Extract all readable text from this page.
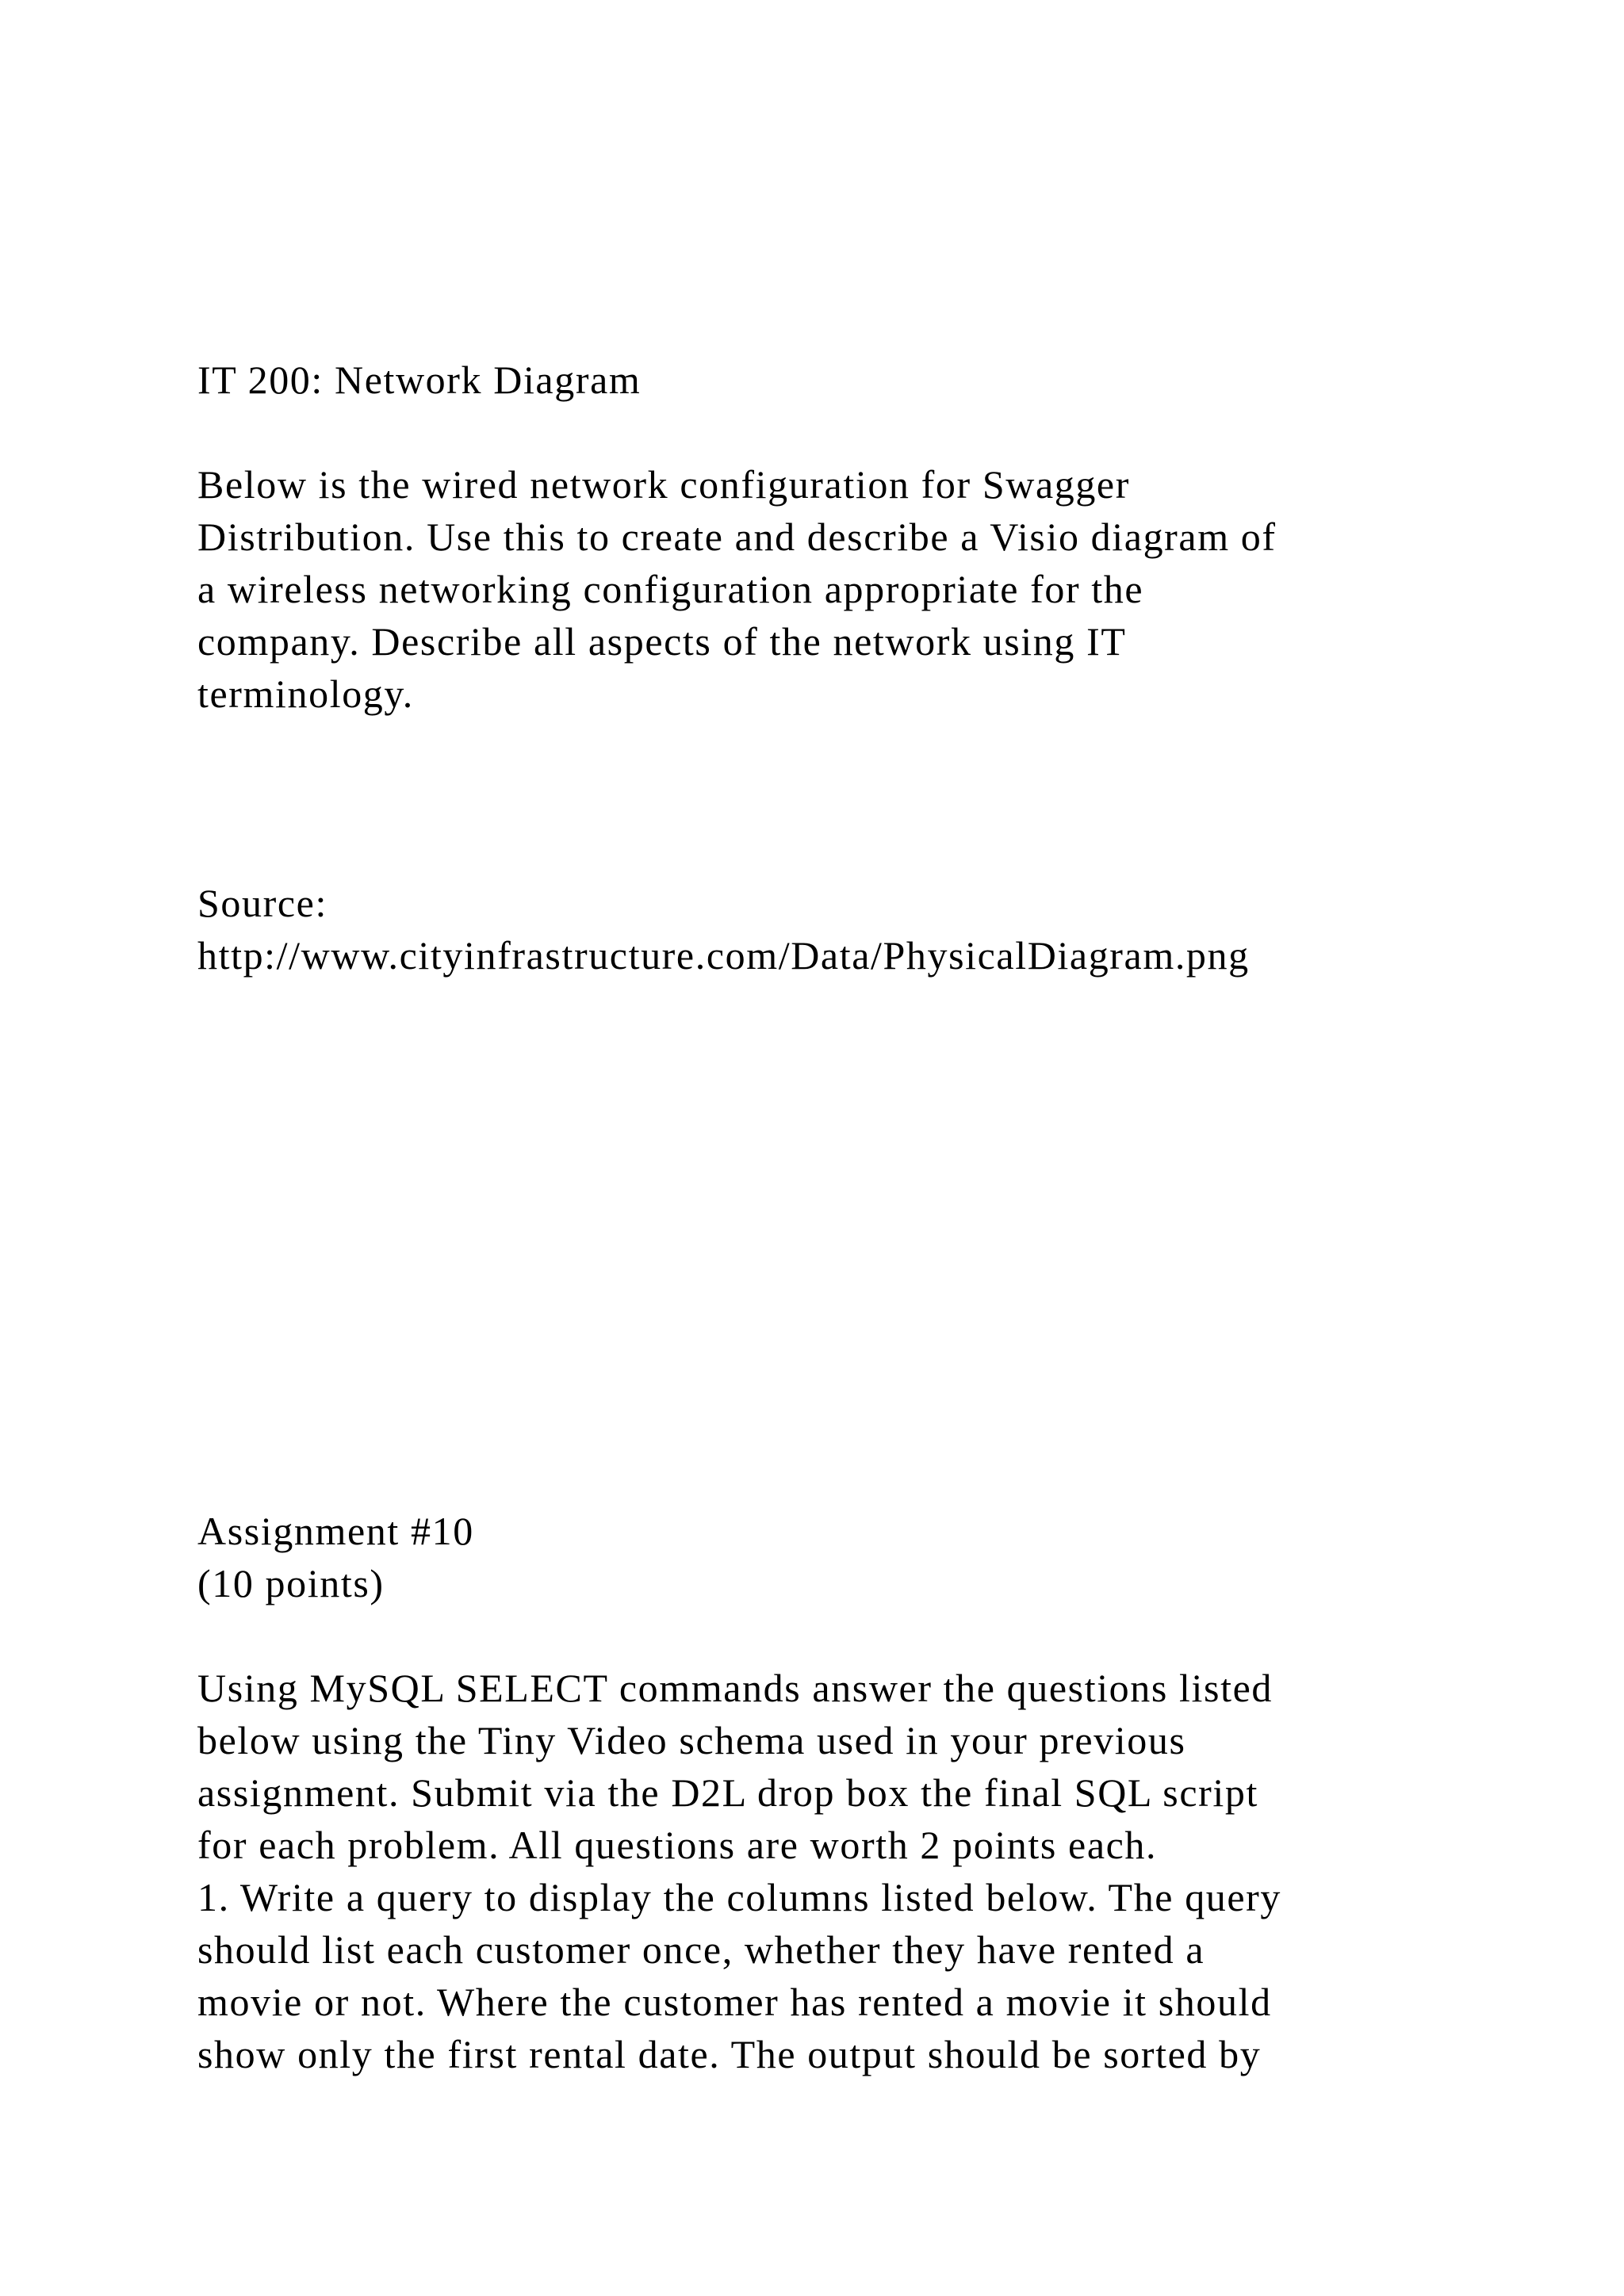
IT 200: Network Diagram

Below is the wired network configuration for Swagger

Distribution. Use this to create and describe a Visio diagram of

a wireless networking configuration appropriate for the

company. Describe all aspects of the network using IT

terminology.

Source:

http://www.cityinfrastructure.com/Data/PhysicalDiagram.png

Assignment #10

(10 points)

Using MySQL SELECT commands answer the questions listed

below using the Tiny Video schema used in your previous

assignment. Submit via the D2L drop box the final SQL script

for each problem. All questions are worth 2 points each.

1. Write a query to display the columns listed below. The query

should list each customer once, whether they have rented a

movie or not. Where the customer has rented a movie it should

show only the first rental date. The output should be sorted by
